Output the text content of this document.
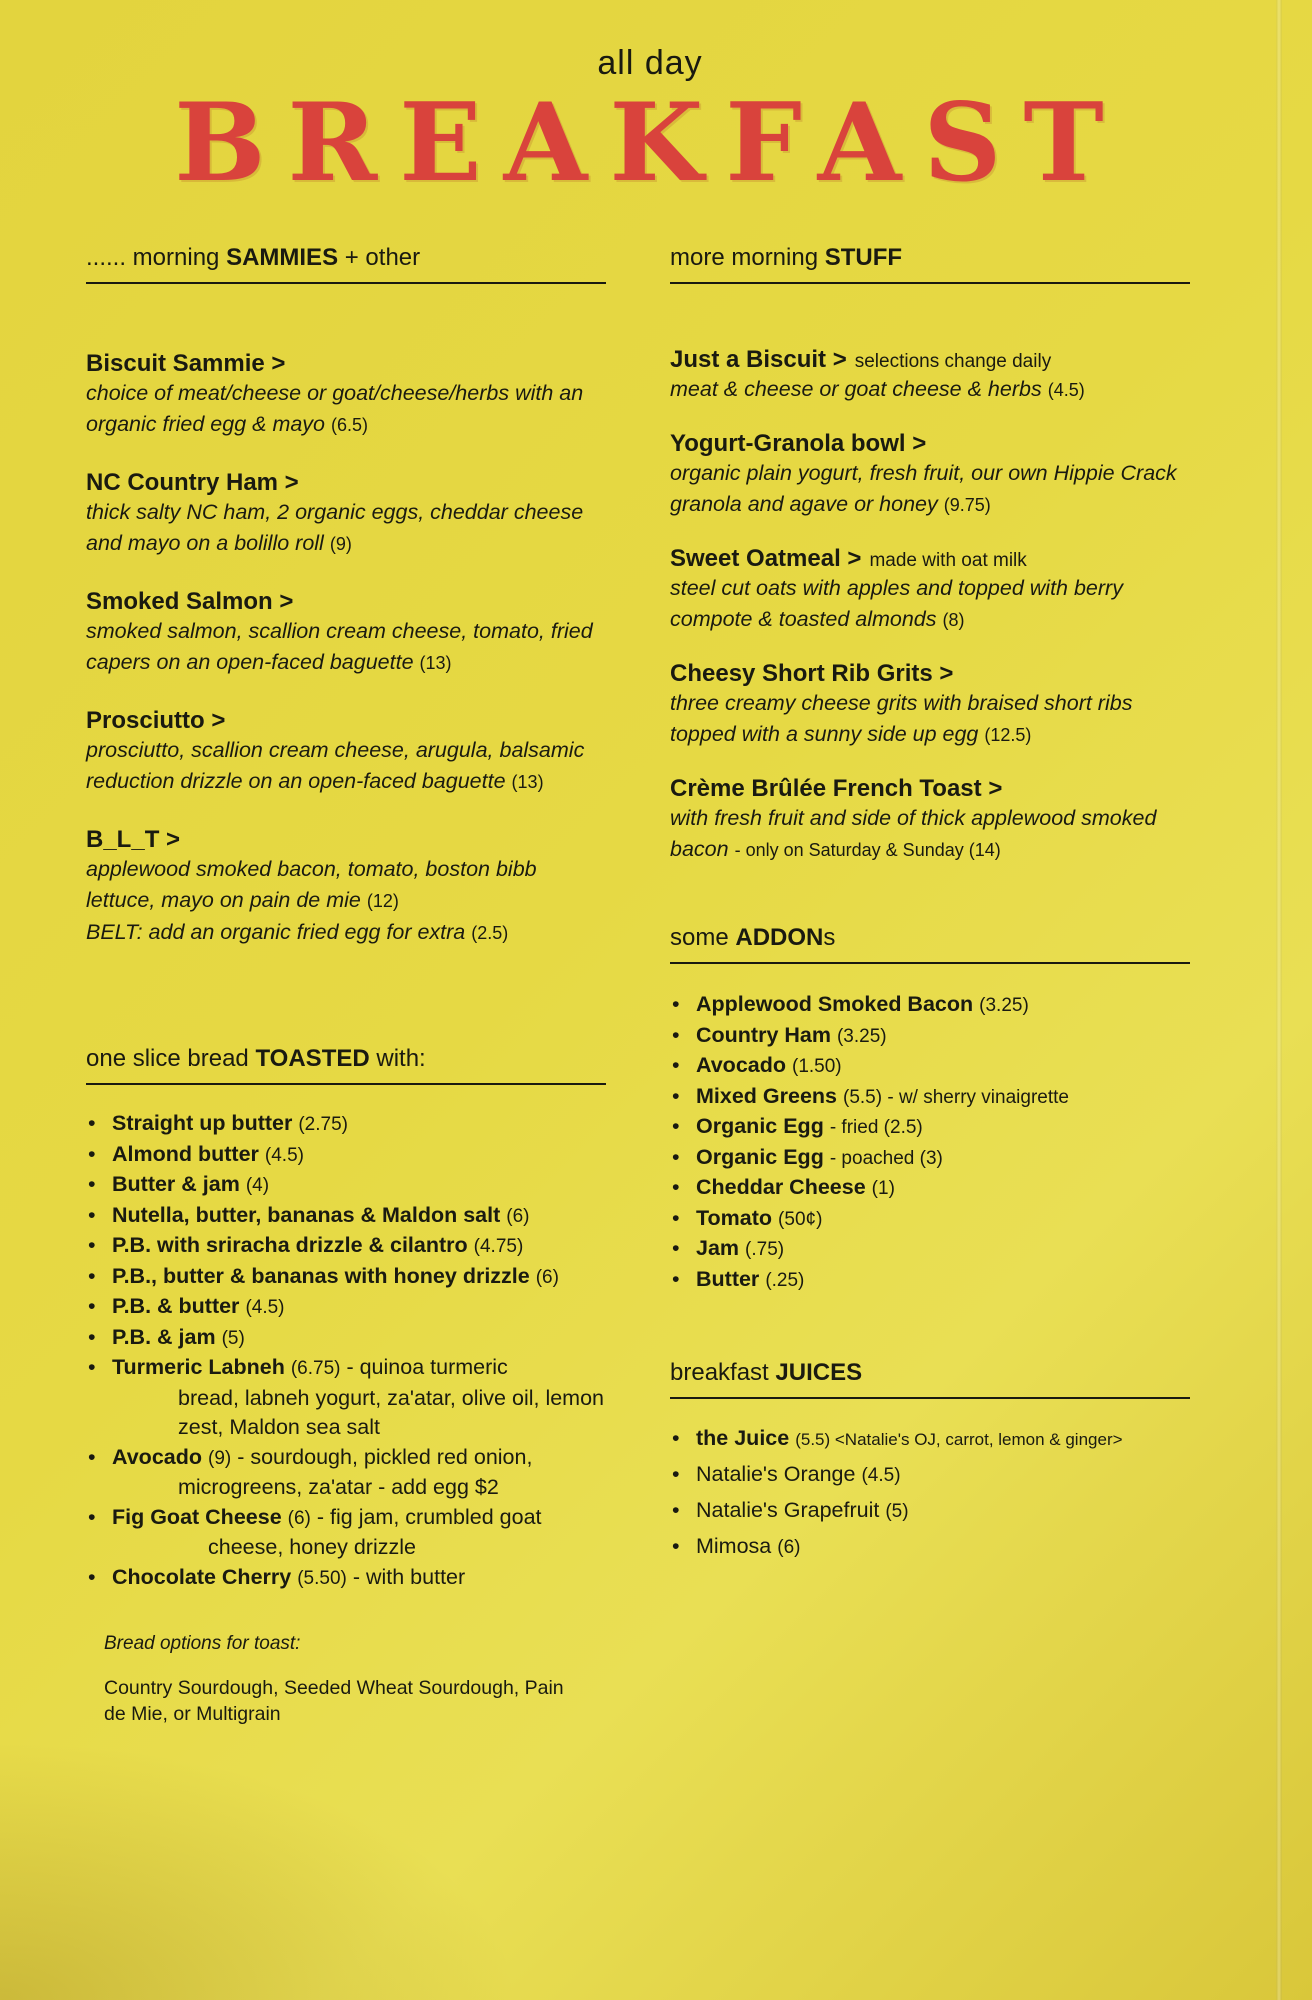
all day
BREAKFAST
...... morning SAMMIES + other
Biscuit Sammie >
choice of meat/cheese or goat/cheese/herbs with an organic fried egg & mayo (6.5)
NC Country Ham >
thick salty NC ham, 2 organic eggs, cheddar cheese and mayo on a bolillo roll (9)
Smoked Salmon >
smoked salmon, scallion cream cheese, tomato, fried capers on an open-faced baguette (13)
Prosciutto >
prosciutto, scallion cream cheese, arugula, balsamic reduction drizzle on an open-faced baguette (13)
B_L_T >
applewood smoked bacon, tomato, boston bibb lettuce, mayo on pain de mie (12)
BELT: add an organic fried egg for extra (2.5)
one slice bread TOASTED with:
• Straight up butter (2.75)
• Almond butter (4.5)
• Butter & jam (4)
• Nutella, butter, bananas & Maldon salt (6)
• P.B. with sriracha drizzle & cilantro (4.75)
• P.B., butter & bananas with honey drizzle (6)
• P.B. & butter (4.5)
• P.B. & jam (5)
• Turmeric Labneh (6.75) - quinoa turmeric
bread, labneh yogurt, za'atar, olive oil, lemon zest, Maldon sea salt
• Avocado (9) - sourdough, pickled red onion,
microgreens, za'atar - add egg $2
• Fig Goat Cheese (6) - fig jam, crumbled goat
cheese, honey drizzle
• Chocolate Cherry (5.50) - with butter
Bread options for toast:
Country Sourdough, Seeded Wheat Sourdough, Pain de Mie, or Multigrain
more morning STUFF
Just a Biscuit > selections change daily
meat & cheese or goat cheese & herbs (4.5)
Yogurt-Granola bowl >
organic plain yogurt, fresh fruit, our own Hippie Crack granola and agave or honey (9.75)
Sweet Oatmeal > made with oat milk
steel cut oats with apples and topped with berry compote & toasted almonds (8)
Cheesy Short Rib Grits >
three creamy cheese grits with braised short ribs topped with a sunny side up egg (12.5)
Crème Brûlée French Toast >
with fresh fruit and side of thick applewood smoked bacon - only on Saturday & Sunday (14)
some ADDONs
• Applewood Smoked Bacon (3.25)
• Country Ham (3.25)
• Avocado (1.50)
• Mixed Greens (5.5) - w/ sherry vinaigrette
• Organic Egg - fried (2.5)
• Organic Egg - poached (3)
• Cheddar Cheese (1)
• Tomato (50¢)
• Jam (.75)
• Butter (.25)
breakfast JUICES
• the Juice (5.5) <Natalie's OJ, carrot, lemon & ginger>
• Natalie's Orange (4.5)
• Natalie's Grapefruit (5)
• Mimosa (6)
